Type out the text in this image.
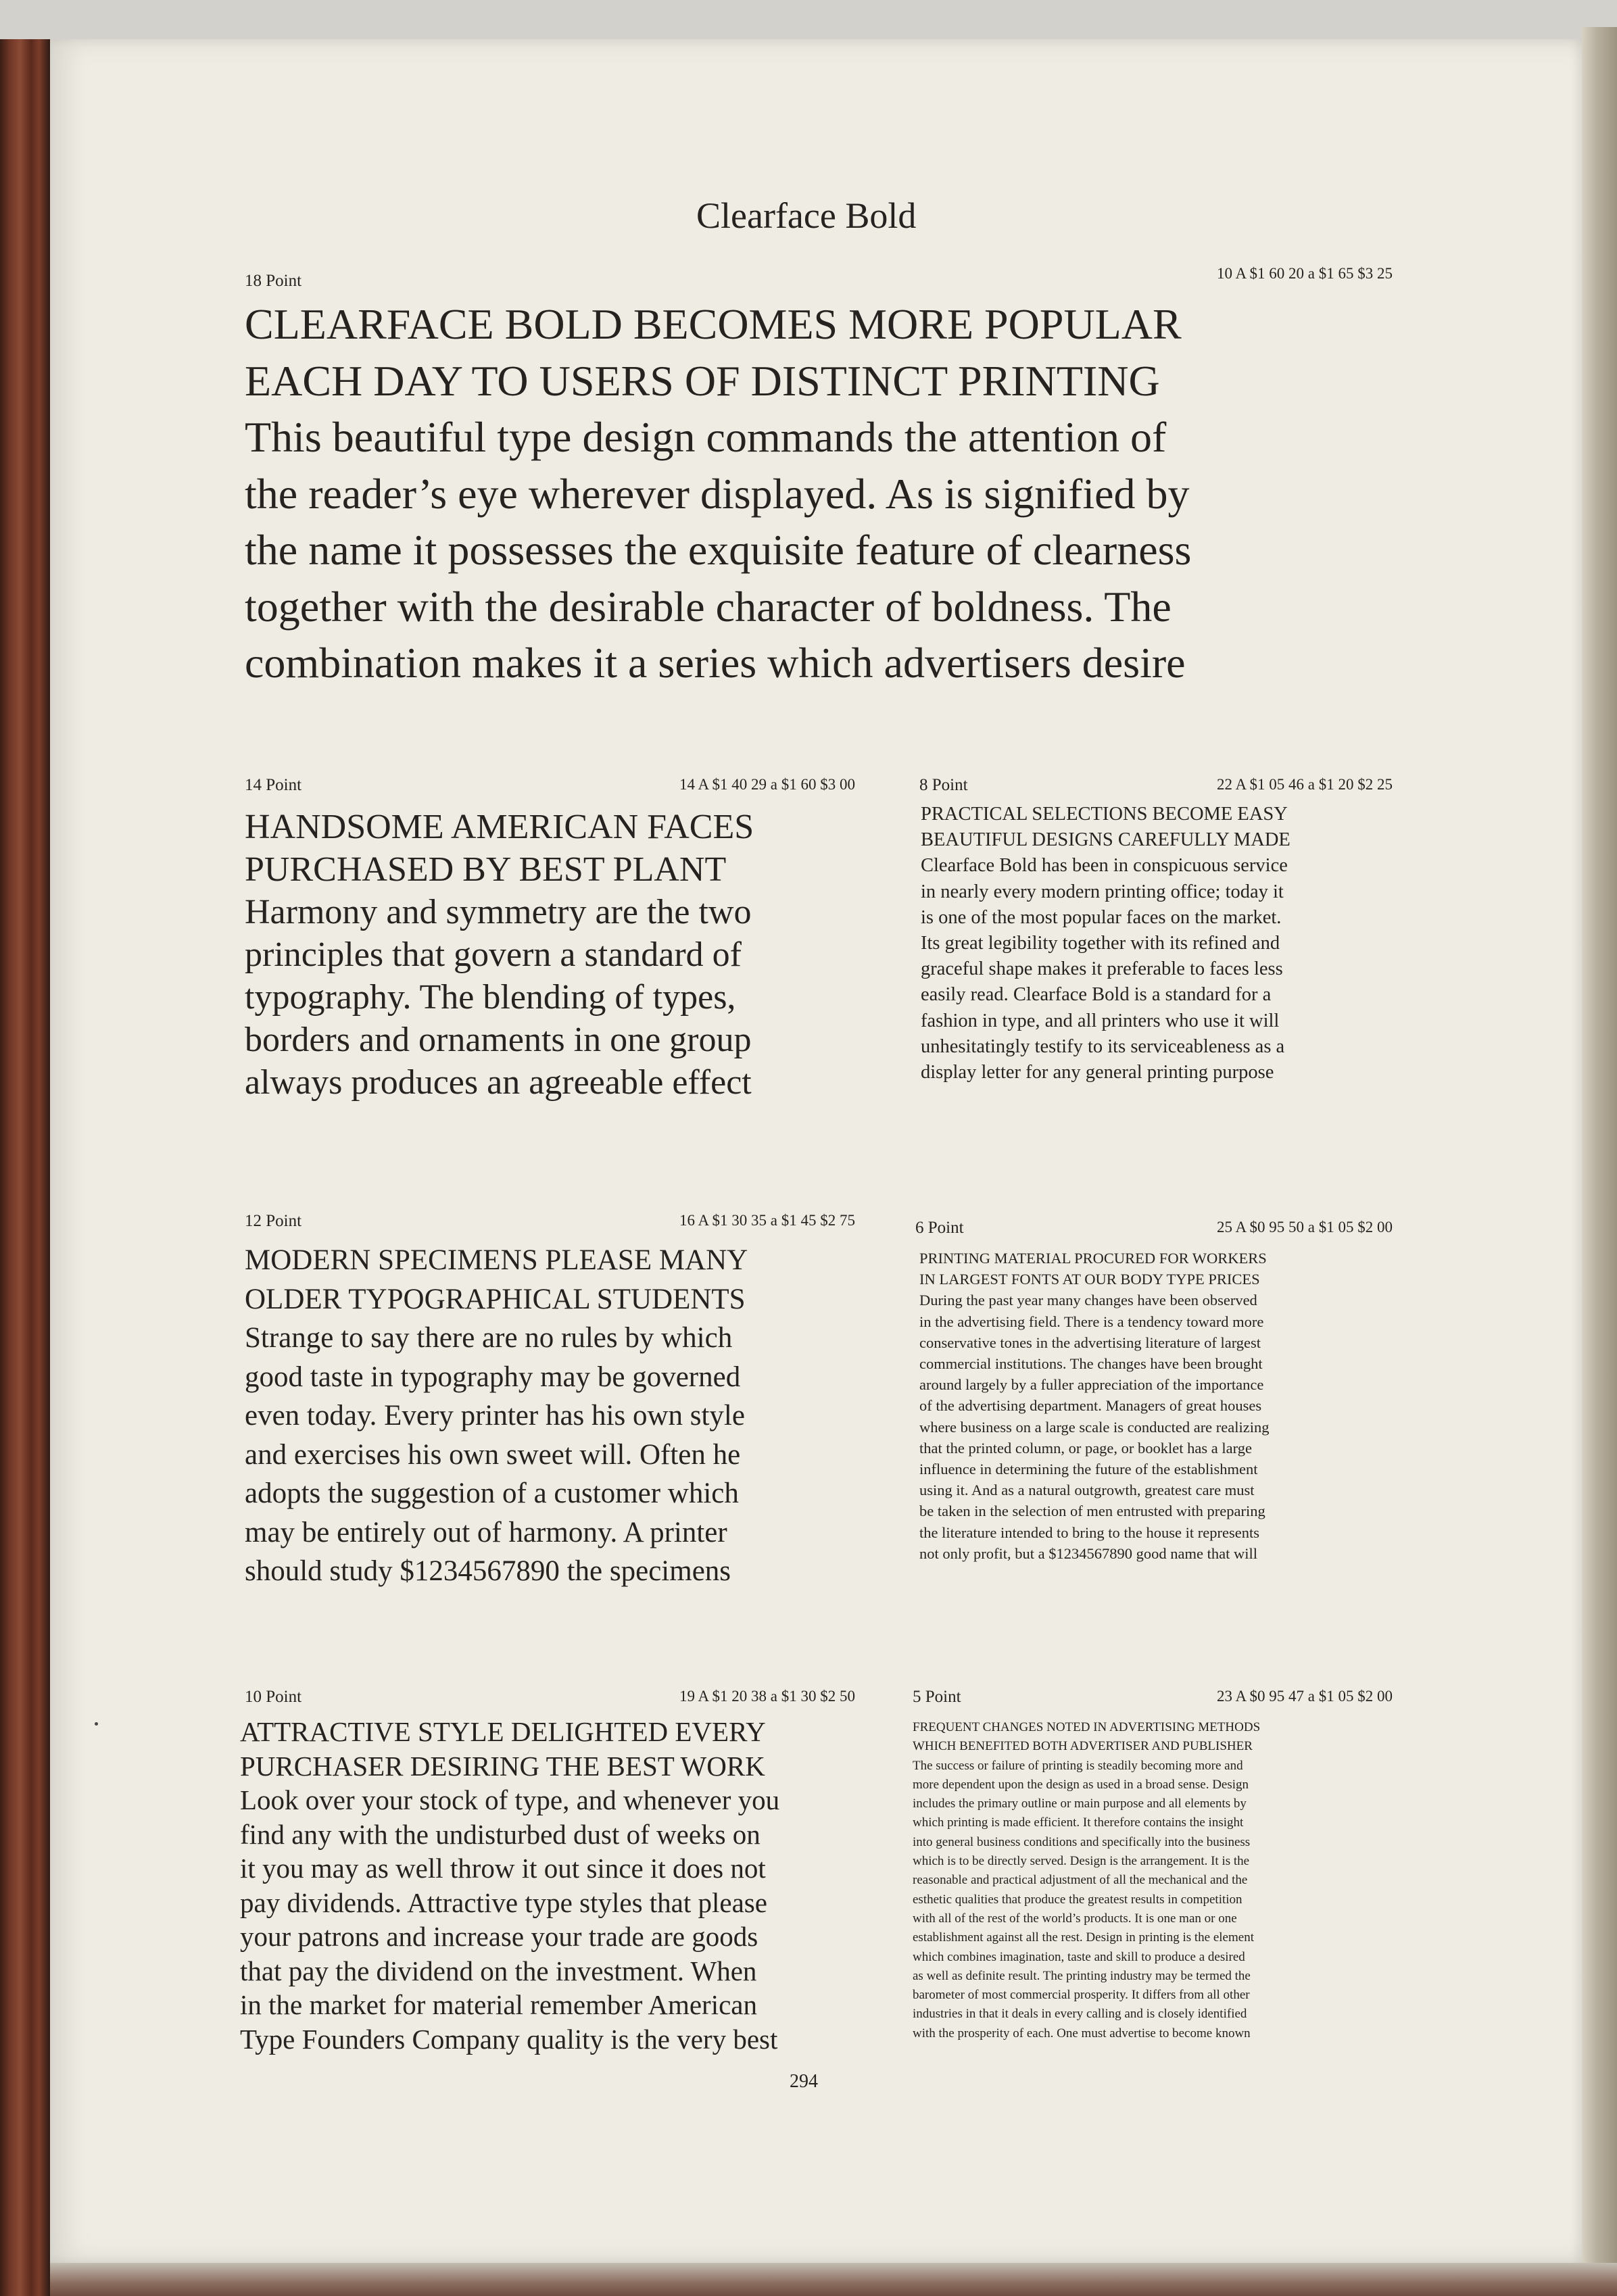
Clearface Bold
18 Point	10 A $1 60 20 a $1 65 $3 25
CLEARFACE BOLD BECOMES MORE POPULAR
EACH DAY TO USERS OF DISTINCT PRINTING
This beautiful type design commands the attention of
the reader’s eye wherever displayed. As is signified by
the name it possesses the exquisite feature of clearness
together with the desirable character of boldness. The
combination makes it a series which advertisers desire
14 Point	14 A $1 40 29 a $1 60 $3 00
HANDSOME AMERICAN FACES
PURCHASED BY BEST PLANT
Harmony and symmetry are the two
principles that govern a standard of
typography. The blending of types,
borders and ornaments in one group
always produces an agreeable effect
8 Point	22 A $1 05 46 a $1 20 $2 25
PRACTICAL SELECTIONS BECOME EASY
BEAUTIFUL DESIGNS CAREFULLY MADE
Clearface Bold has been in conspicuous service
in nearly every modern printing office; today it
is one of the most popular faces on the market.
Its great legibility together with its refined and
graceful shape makes it preferable to faces less
easily read. Clearface Bold is a standard for a
fashion in type, and all printers who use it will
unhesitatingly testify to its serviceableness as a
display letter for any general printing purpose
12 Point	16 A $1 30 35 a $1 45 $2 75
MODERN SPECIMENS PLEASE MANY
OLDER TYPOGRAPHICAL STUDENTS
Strange to say there are no rules by which
good taste in typography may be governed
even today. Every printer has his own style
and exercises his own sweet will. Often he
adopts the suggestion of a customer which
may be entirely out of harmony. A printer
should study $1234567890 the specimens
6 Point	25 A $0 95 50 a $1 05 $2 00
PRINTING MATERIAL PROCURED FOR WORKERS
IN LARGEST FONTS AT OUR BODY TYPE PRICES
During the past year many changes have been observed
in the advertising field. There is a tendency toward more
conservative tones in the advertising literature of largest
commercial institutions. The changes have been brought
around largely by a fuller appreciation of the importance
of the advertising department. Managers of great houses
where business on a large scale is conducted are realizing
that the printed column, or page, or booklet has a large
influence in determining the future of the establishment
using it. And as a natural outgrowth, greatest care must
be taken in the selection of men entrusted with preparing
the literature intended to bring to the house it represents
not only profit, but a $1234567890 good name that will
10 Point	19 A $1 20 38 a $1 30 $2 50
ATTRACTIVE STYLE DELIGHTED EVERY
PURCHASER DESIRING THE BEST WORK
Look over your stock of type, and whenever you
find any with the undisturbed dust of weeks on
it you may as well throw it out since it does not
pay dividends. Attractive type styles that please
your patrons and increase your trade are goods
that pay the dividend on the investment. When
in the market for material remember American
Type Founders Company quality is the very best
5 Point	23 A $0 95 47 a $1 05 $2 00
FREQUENT CHANGES NOTED IN ADVERTISING METHODS
WHICH BENEFITED BOTH ADVERTISER AND PUBLISHER
The success or failure of printing is steadily becoming more and
more dependent upon the design as used in a broad sense. Design
includes the primary outline or main purpose and all elements by
which printing is made efficient. It therefore contains the insight
into general business conditions and specifically into the business
which is to be directly served. Design is the arrangement. It is the
reasonable and practical adjustment of all the mechanical and the
esthetic qualities that produce the greatest results in competition
with all of the rest of the world’s products. It is one man or one
establishment against all the rest. Design in printing is the element
which combines imagination, taste and skill to produce a desired
as well as definite result. The printing industry may be termed the
barometer of most commercial prosperity. It differs from all other
industries in that it deals in every calling and is closely identified
with the prosperity of each. One must advertise to become known
294
